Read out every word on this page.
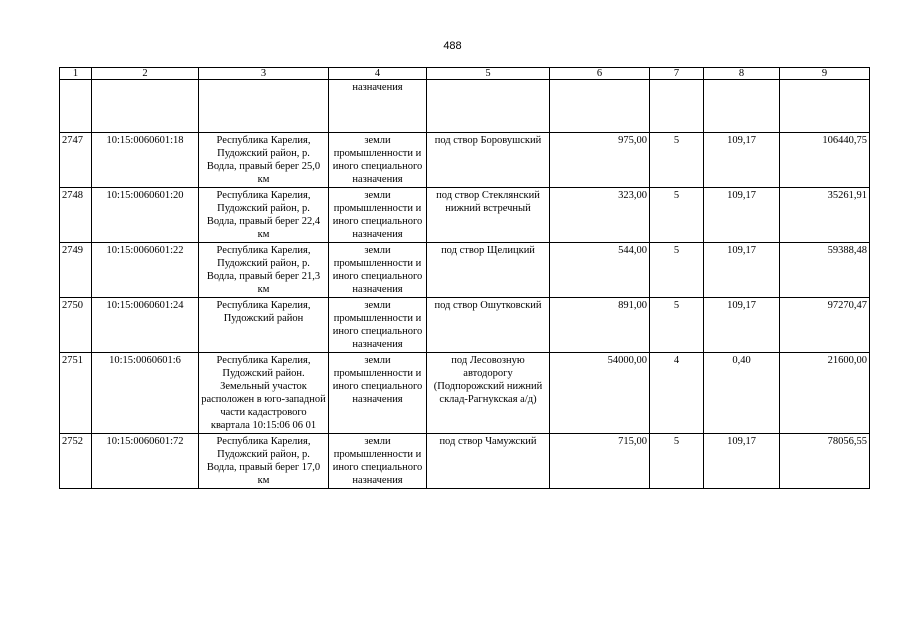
488
1	2	3	4	5	6	7	8	9
			назначения					
2747	10:15:0060601:18	Республика Карелия, Пудожский район, р. Водла, правый берег 25,0 км	земли промышленности и иного специального назначения	под створ Боровушский	975,00	5	109,17	106440,75
2748	10:15:0060601:20	Республика Карелия, Пудожский район, р. Водла, правый берег 22,4 км	земли промышленности и иного специального назначения	под створ Стеклянский нижний встречный	323,00	5	109,17	35261,91
2749	10:15:0060601:22	Республика Карелия, Пудожский район, р. Водла, правый берег 21,3 км	земли промышленности и иного специального назначения	под створ Щелицкий	544,00	5	109,17	59388,48
2750	10:15:0060601:24	Республика Карелия, Пудожский район	земли промышленности и иного специального назначения	под створ Ошутковский	891,00	5	109,17	97270,47
2751	10:15:0060601:6	Республика Карелия, Пудожский район. Земельный участок расположен в юго-западной части кадастрового квартала 10:15:06 06 01	земли промышленности и иного специального назначения	под Лесовозную автодорогу (Подпорожский нижний склад-Рагнукская а/д)	54000,00	4	0,40	21600,00
2752	10:15:0060601:72	Республика Карелия, Пудожский район, р. Водла, правый берег 17,0 км	земли промышленности и иного специального назначения	под створ Чамужский	715,00	5	109,17	78056,55
